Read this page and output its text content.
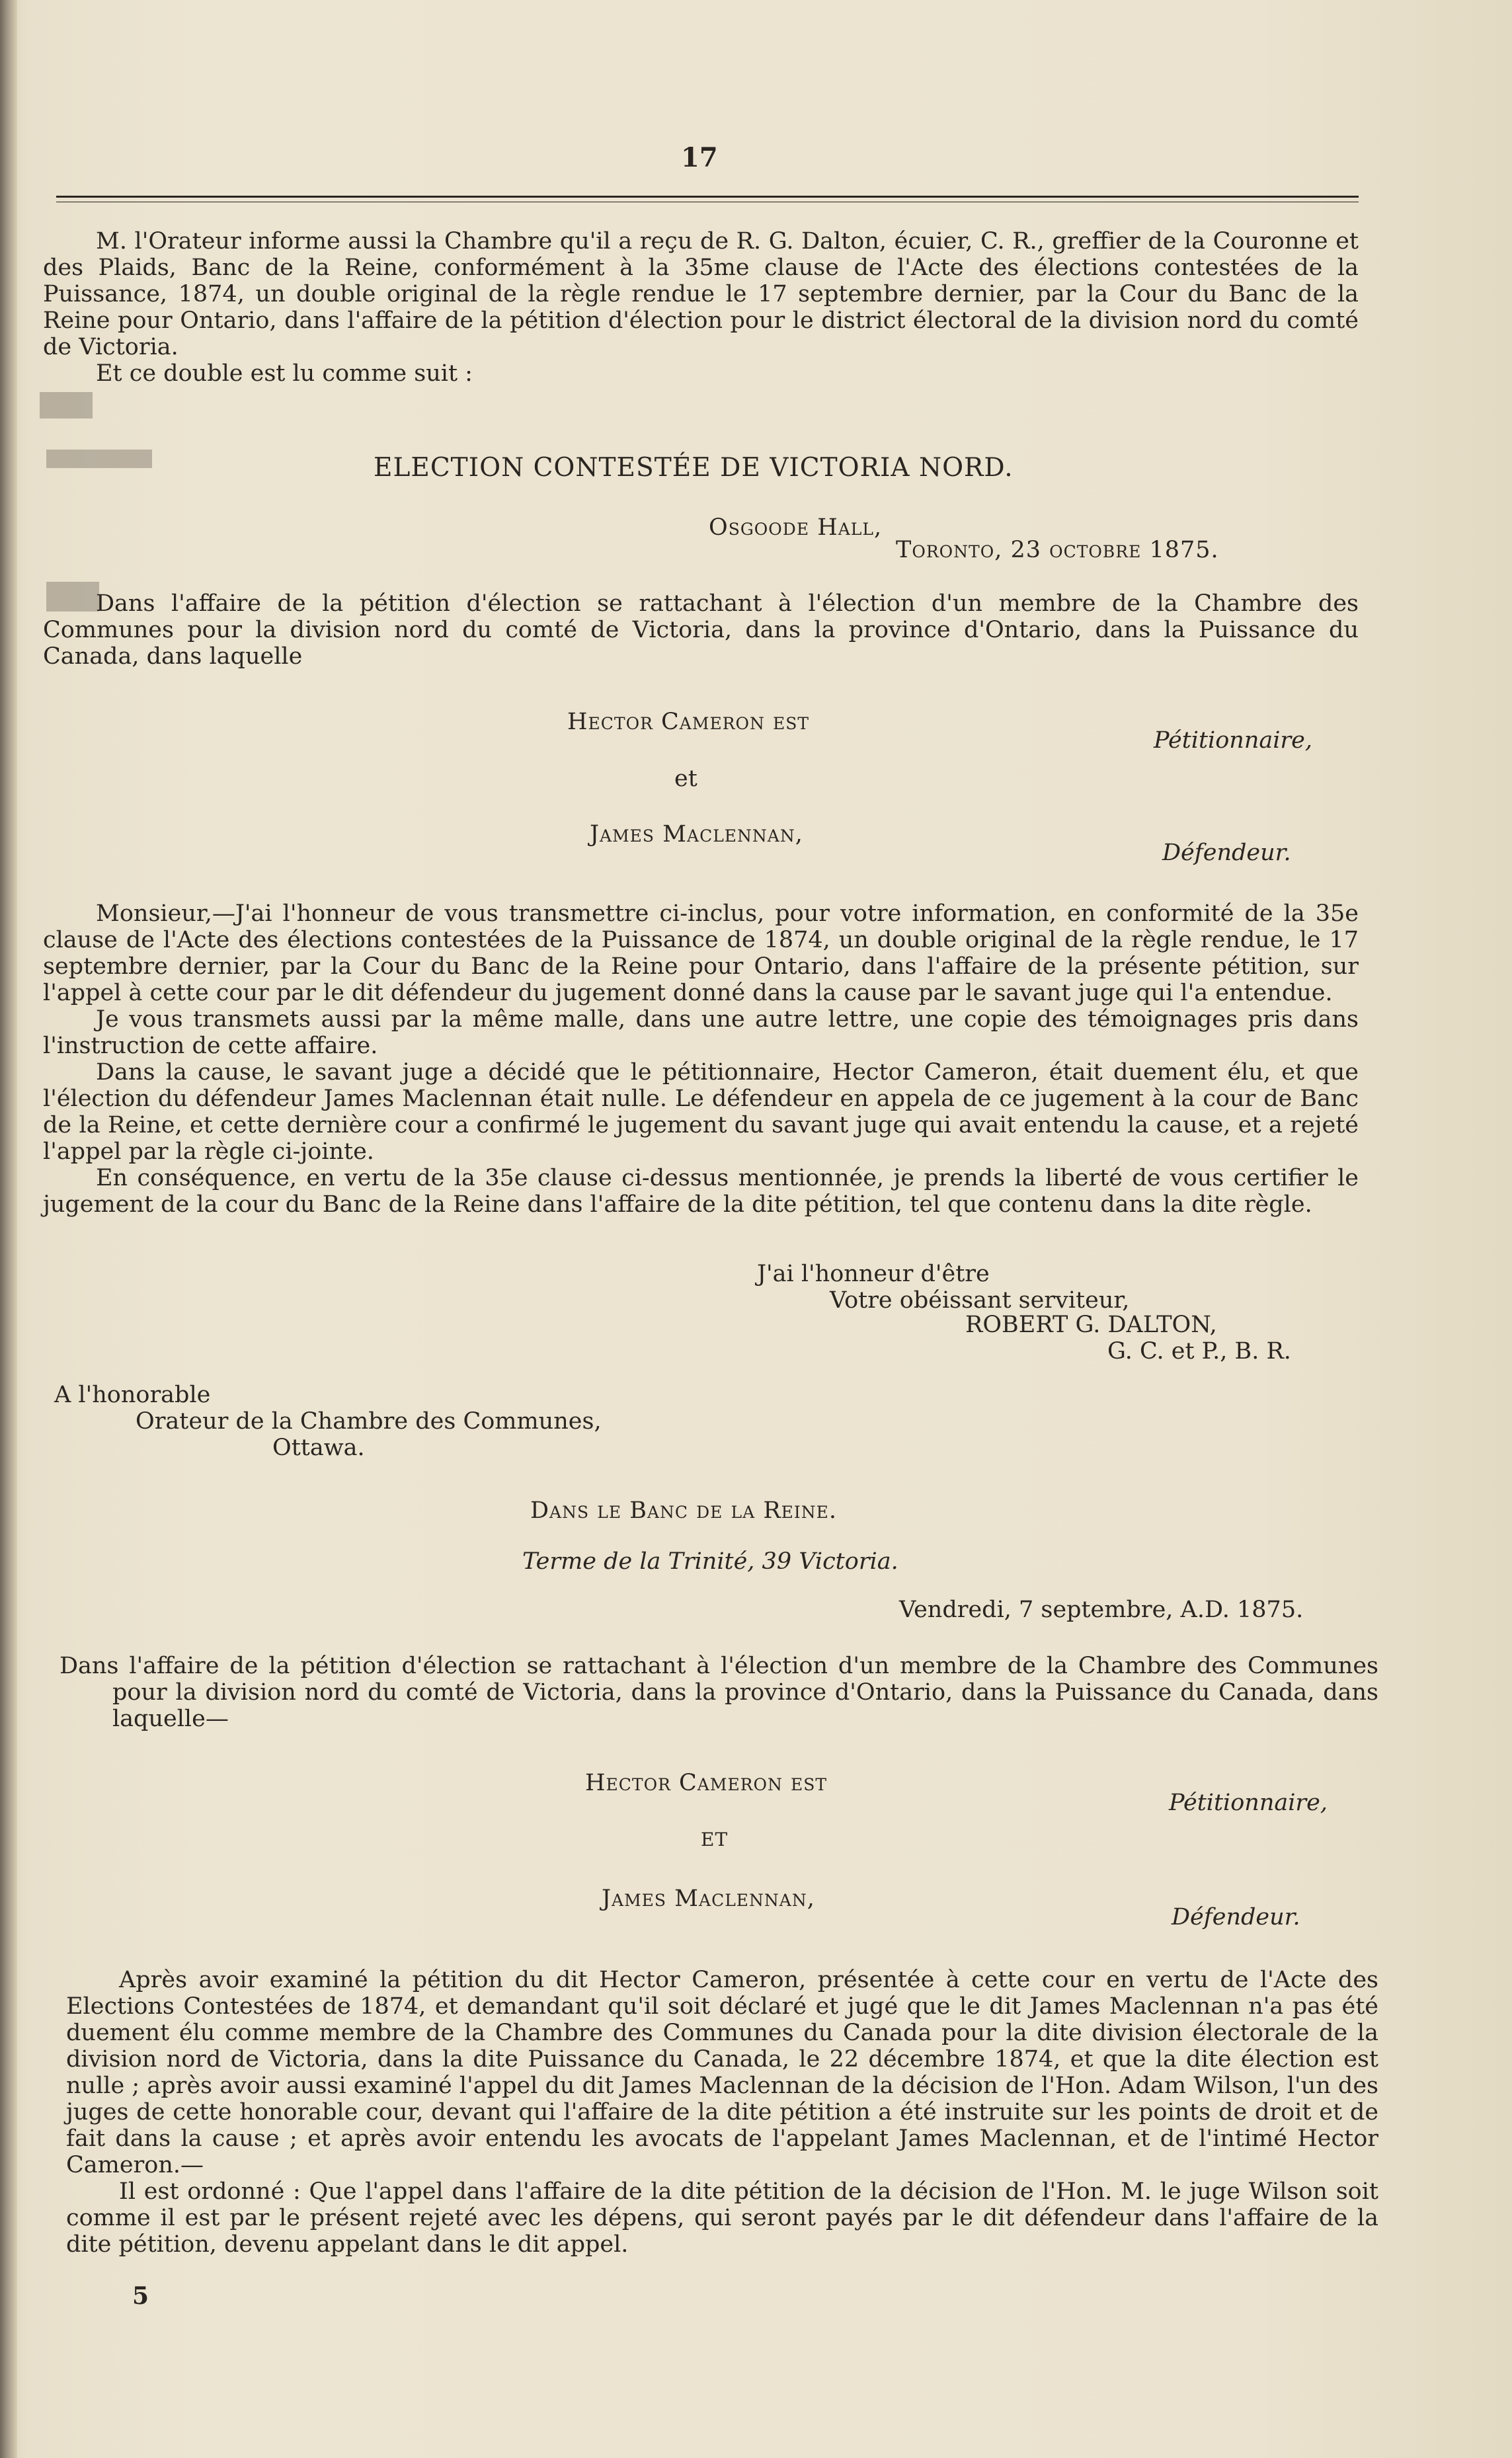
17

M. l'Orateur informe aussi la Chambre qu'il a reçu de R. G. Dalton, écuier, C. R., greffier de la Couronne et des Plaids, Banc de la Reine, conformément à la 35me clause de l'Acte des élections contestées de la Puissance, 1874, un double original de la règle rendue le 17 septembre dernier, par la Cour du Banc de la Reine pour Ontario, dans l'affaire de la pétition d'élection pour le district électoral de la division nord du comté de Victoria.

Et ce double est lu comme suit :

ELECTION CONTESTÉE DE VICTORIA NORD.
Osgoode Hall,
Toronto, 23 octobre 1875.

Dans l'affaire de la pétition d'élection se rattachant à l'élection d'un membre de la Chambre des Communes pour la division nord du comté de Victoria, dans la province d'Ontario, dans la Puissance du Canada, dans laquelle

Hector Cameron est
Pétitionnaire,
et
James Maclennan,
Défendeur.

Monsieur,—J'ai l'honneur de vous transmettre ci-inclus, pour votre information, en conformité de la 35e clause de l'Acte des élections contestées de la Puissance de 1874, un double original de la règle rendue, le 17 septembre dernier, par la Cour du Banc de la Reine pour Ontario, dans l'affaire de la présente pétition, sur l'appel à cette cour par le dit défendeur du jugement donné dans la cause par le savant juge qui l'a entendue.

Je vous transmets aussi par la même malle, dans une autre lettre, une copie des témoignages pris dans l'instruction de cette affaire.

Dans la cause, le savant juge a décidé que le pétitionnaire, Hector Cameron, était duement élu, et que l'élection du défendeur James Maclennan était nulle. Le défendeur en appela de ce jugement à la cour de Banc de la Reine, et cette dernière cour a confirmé le jugement du savant juge qui avait entendu la cause, et a rejeté l'appel par la règle ci-jointe.

En conséquence, en vertu de la 35e clause ci-dessus mentionnée, je prends la liberté de vous certifier le jugement de la cour du Banc de la Reine dans l'affaire de la dite pétition, tel que contenu dans la dite règle.

J'ai l'honneur d'être
Votre obéissant serviteur,
ROBERT G. DALTON,
G. C. et P., B. R.
A l'honorable
Orateur de la Chambre des Communes,
Ottawa.
Dans le Banc de la Reine.
Terme de la Trinité, 39 Victoria.
Vendredi, 7 septembre, A.D. 1875.

Dans l'affaire de la pétition d'élection se rattachant à l'élection d'un membre de la Chambre des Communes pour la division nord du comté de Victoria, dans la province d'Ontario, dans la Puissance du Canada, dans laquelle—

Hector Cameron est
Pétitionnaire,
ET
James Maclennan,
Défendeur.

Après avoir examiné la pétition du dit Hector Cameron, présentée à cette cour en vertu de l'Acte des Elections Contestées de 1874, et demandant qu'il soit déclaré et jugé que le dit James Maclennan n'a pas été duement élu comme membre de la Chambre des Communes du Canada pour la dite division électorale de la division nord de Victoria, dans la dite Puissance du Canada, le 22 décembre 1874, et que la dite élection est nulle ; après avoir aussi examiné l'appel du dit James Maclennan de la décision de l'Hon. Adam Wilson, l'un des juges de cette honorable cour, devant qui l'affaire de la dite pétition a été instruite sur les points de droit et de fait dans la cause ; et après avoir entendu les avocats de l'appelant James Maclennan, et de l'intimé Hector Cameron.—

Il est ordonné : Que l'appel dans l'affaire de la dite pétition de la décision de l'Hon. M. le juge Wilson soit comme il est par le présent rejeté avec les dépens, qui seront payés par le dit défendeur dans l'affaire de la dite pétition, devenu appelant dans le dit appel.

5
